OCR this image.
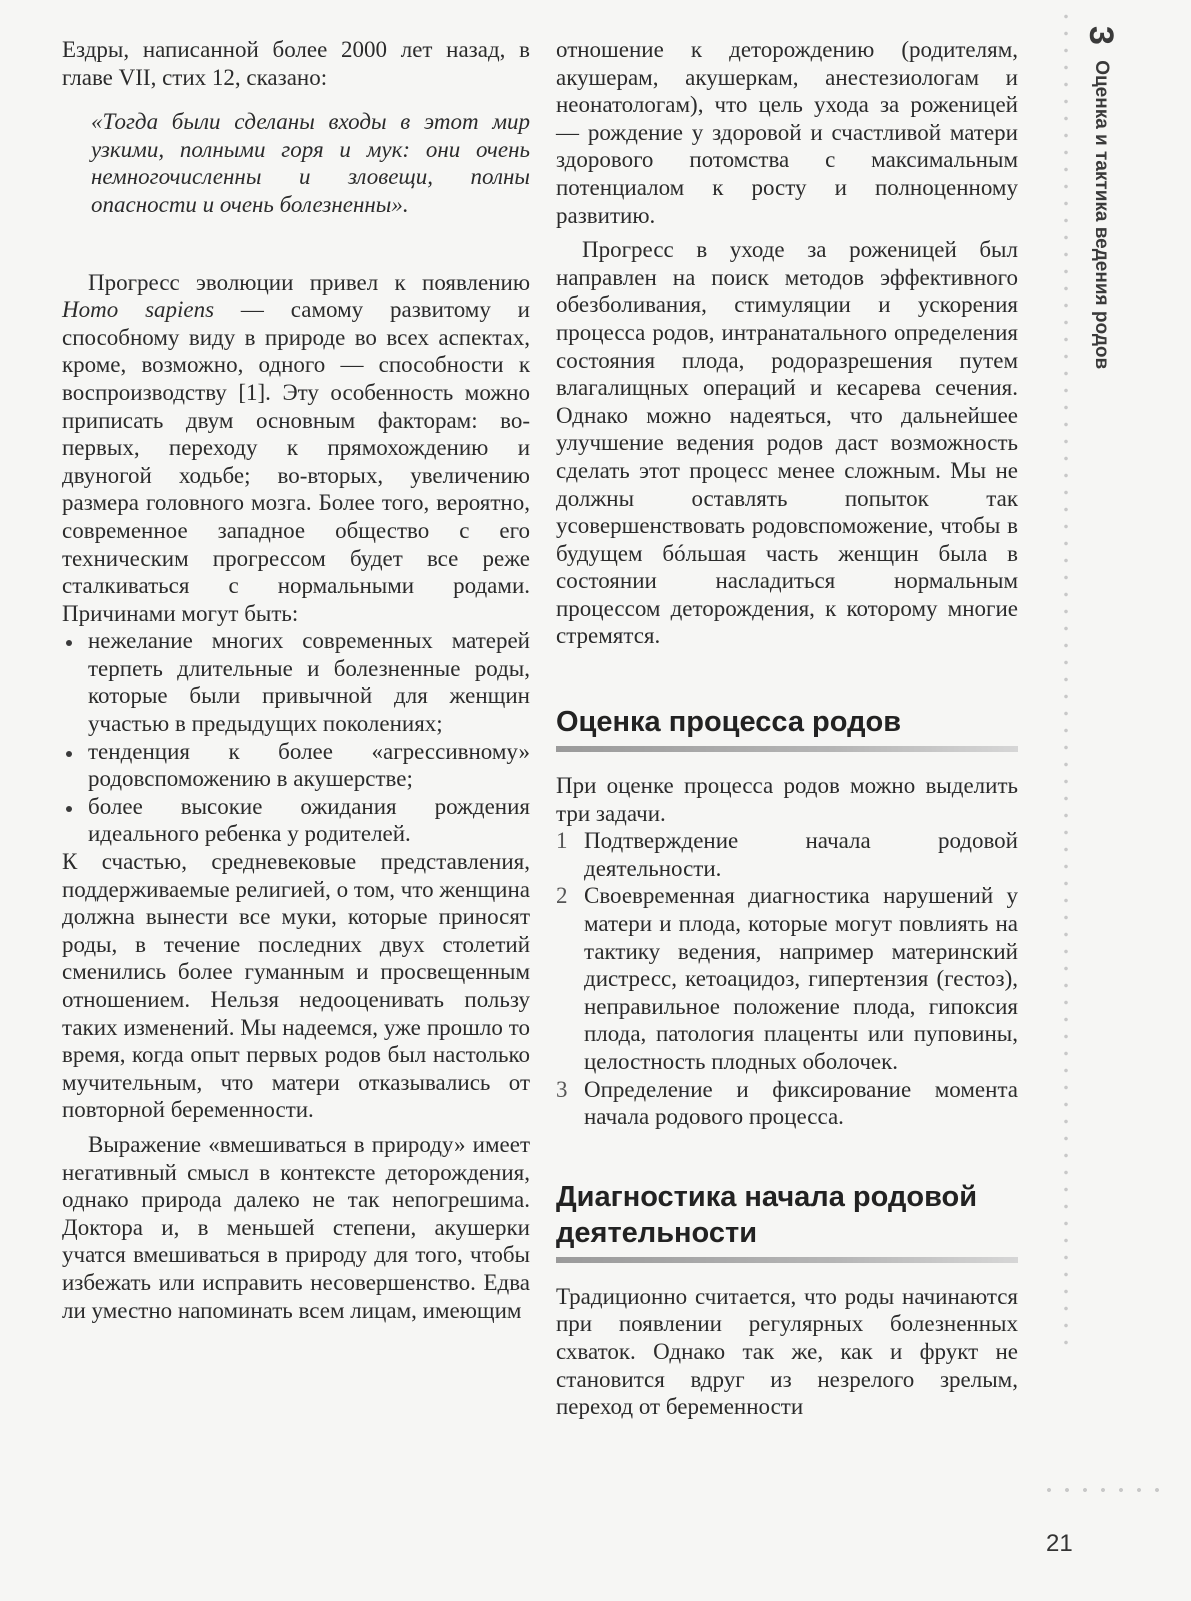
Ездры, написанной более 2000 лет назад, в главе VII, стих 12, сказано:

«Тогда были сделаны входы в этот мир узкими, полными горя и мук: они очень немногочисленны и зловещи, полны опасности и очень болезненны».

Прогресс эволюции привел к появлению Homo sapiens — самому развитому и способному виду в природе во всех аспектах, кроме, возможно, одного — способности к воспроизводству [1]. Эту особенность можно приписать двум основным факторам: во-первых, переходу к прямохождению и двуногой ходьбе; во-вторых, увеличению размера головного мозга. Более того, вероятно, современное западное общество с его техническим прогрессом будет все реже сталкиваться с нормальными родами. Причинами могут быть:

нежелание многих современных матерей терпеть длительные и болезненные роды, которые были привычной для женщин участью в предыдущих поколениях;
тенденция к более «агрессивному» родовспоможению в акушерстве;
более высокие ожидания рождения идеального ребенка у родителей.

К счастью, средневековые представления, поддерживаемые религией, о том, что женщина должна вынести все муки, которые приносят роды, в течение последних двух столетий сменились более гуманным и просвещенным отношением. Нельзя недооценивать пользу таких изменений. Мы надеемся, уже прошло то время, когда опыт первых родов был настолько мучительным, что матери отказывались от повторной беременности.

Выражение «вмешиваться в природу» имеет негативный смысл в контексте деторождения, однако природа далеко не так непогрешима. Доктора и, в меньшей степени, акушерки учатся вмешиваться в природу для того, чтобы избежать или исправить несовершенство. Едва ли уместно напоминать всем лицам, имеющим

отношение к деторождению (родителям, акушерам, акушеркам, анестезиологам и неонатологам), что цель ухода за роженицей — рождение у здоровой и счастливой матери здорового потомства с максимальным потенциалом к росту и полноценному развитию.

Прогресс в уходе за роженицей был направлен на поиск методов эффективного обезболивания, стимуляции и ускорения процесса родов, интранатального определения состояния плода, родоразрешения путем влагалищных операций и кесарева сечения. Однако можно надеяться, что дальнейшее улучшение ведения родов даст возможность сделать этот процесс менее сложным. Мы не должны оставлять попыток так усовершенствовать родовспоможение, чтобы в будущем бóльшая часть женщин была в состоянии насладиться нормальным процессом деторождения, к которому многие стремятся.

Оценка процесса родов

При оценке процесса родов можно выделить три задачи.

1 Подтверждение начала родовой деятельности.
2 Своевременная диагностика нарушений у матери и плода, которые могут повлиять на тактику ведения, например материнский дистресс, кетоацидоз, гипертензия (гестоз), неправильное положение плода, гипоксия плода, патология плаценты или пуповины, целостность плодных оболочек.
3 Определение и фиксирование момента начала родового процесса.
Диагностика начала родовой деятельности

Традиционно считается, что роды начинаются при появлении регулярных болезненных схваток. Однако так же, как и фрукт не становится вдруг из незрелого зрелым, переход от беременности

3 Оценка и тактика ведения родов
21
